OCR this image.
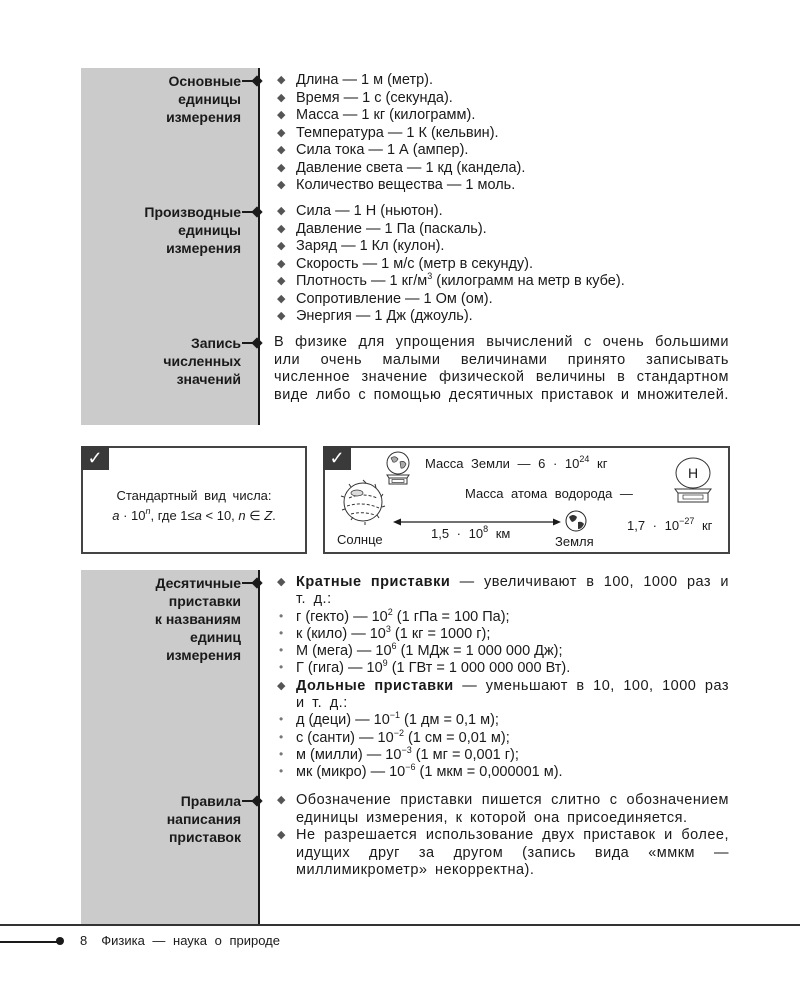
Основные
единицы
измерения
◆ Длина — 1 м (метр).
◆ Время — 1 с (секунда).
◆ Масса — 1 кг (килограмм).
◆ Температура — 1 К (кельвин).
◆ Сила тока — 1 А (ампер).
◆ Давление света — 1 кд (кандела).
◆ Количество вещества — 1 моль.
Производные
единицы
измерения
◆ Сила — 1 Н (ньютон).
◆ Давление — 1 Па (паскаль).
◆ Заряд — 1 Кл (кулон).
◆ Скорость — 1 м/с (метр в секунду).
◆ Плотность — 1 $кг/м^3$ (килограмм на метр в кубе).
◆ Сопротивление — 1 Ом (ом).
◆ Энергия — 1 Дж (джоуль).
Запись
численных
значений
В физике для упрощения вычислений с очень большими или очень малыми величинами принято записывать численное значение физической величины в стандартном виде либо с помощью десятичных приставок и множителей.
✓
Стандартный вид числа:
$a \cdot 10^n$, где 1≤a < 10, n ∈ Z.
✓	Масса Земли — $6 \cdot 10^{24}$ кг
Масса атома водорода —
H
$1,7 \cdot 10^{-27}$ кг
Солнце	$1,5 \cdot 10^8$ км
Земля
Десятичные
приставки
к названиям
единиц
измерения
◆ Кратные приставки — увеличивают в 100, 1000 раз и т. д.:
• г (гекто) — $10^2$ (1 гПа = 100 Па);
• к (кило) — $10^3$ (1 кг = 1000 г);
• М (мега) — $10^6$ (1 МДж = 1 000 000 Дж);
• Г (гига) — $10^9$ (1 ГВт = 1 000 000 000 Вт).
◆ Дольные приставки — уменьшают в 10, 100, 1000 раз и т. д.:
• д (деци) — $10^{-1}$ (1 дм = 0,1 м);
• с (санти) — $10^{-2}$ (1 см = 0,01 м);
• м (милли) — $10^{-3}$ (1 мг = 0,001 г);
• мк (микро) — $10^{-6}$ (1 мкм = 0,000001 м).
Правила
написания
приставок
◆ Обозначение приставки пишется слитно с обозначением единицы измерения, к которой она присоединяется.
◆ Не разрешается использование двух приставок и более, идущих друг за другом (запись вида «ммкм — миллимикрометр» некорректна).
8 Физика — наука о природе
